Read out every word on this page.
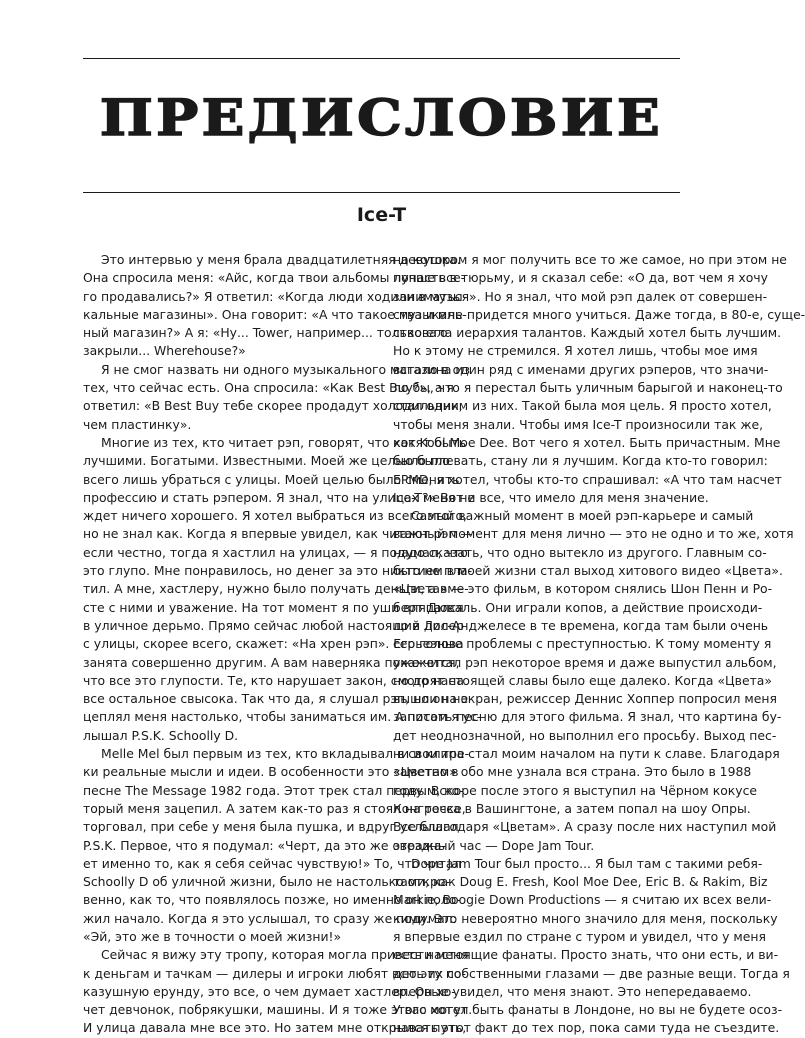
ПРЕДИСЛОВИЕ
Ice-T
Это интервью у меня брала двадцатилетняя девушка.
Она спросила меня: «Айс, когда твои альбомы лучше все-
го продавались?» Я ответил: «Когда люди ходили в музы-
кальные магазины». Она говорит: «А что такое музыкаль-
ный магазин?» А я: «Ну... Tower, например... только его
закрыли... Wherehouse?»
Я не смог назвать ни одного музыкального магазина из
тех, что сейчас есть. Она спросила: «Как Best Buy?», а я
ответил: «В Best Buy тебе скорее продадут холодильник,
чем пластинку».
Многие из тех, кто читает рэп, говорят, что хотят быть
лучшими. Богатыми. Известными. Моей же целью было
всего лишь убраться с улицы. Моей целью было сменить
профессию и стать рэпером. Я знал, что на улицах меня не
ждет ничего хорошего. Я хотел выбраться из всего этого,
но не знал как. Когда я впервые увидел, как читают рэп —
если честно, тогда я хастлил на улицах, — я подумал, что
это глупо. Мне понравилось, но денег за это никто не пла-
тил. А мне, хастлеру, нужно было получать деньги, а вме-
сте с ними и уважение. На тот момент я по уши вляпался
в уличное дерьмо. Прямо сейчас любой настоящий дилер
с улицы, скорее всего, скажет: «На хрен рэп». Его голова
занята совершенно другим. А вам наверняка покажется,
что все это глупости. Те, кто нарушает закон, смотрят на
все остальное свысока. Так что да, я слушал рэп, но он не
цеплял меня настолько, чтобы заниматься им. А потом я ус-
лышал P.S.K. Schoolly D.
Melle Mel был первым из тех, кто вкладывал в свои тре-
ки реальные мысли и идеи. В особенности это заметно в
песне The Message 1982 года. Этот трек стал первым, ко-
торый меня зацепил. А затем как-то раз я стоял на точке,
торговал, при себе у меня была пушка, и вдруг услышал
P.S.K. Первое, что я подумал: «Черт, да это же отража-
ет именно то, как я себя сейчас чувствую!» То, что читал
Schoolly D об уличной жизни, было не настолько откро-
венно, как то, что появлялось позже, но именно он поло-
жил начало. Когда я это услышал, то сразу же подумал:
«Эй, это же в точности о моей жизни!»
Сейчас я вижу эту тропу, которая могла привести меня
к деньгам и тачкам — дилеры и игроки любят всю эту по-
казушную ерунду, это все, о чем думает хастлер. Он хо-
чет девчонок, побрякушки, машины. И я тоже этого хотел.
И улица давала мне все это. Но затем мне открылся путь,
на котором я мог получить все то же самое, но при этом не
попасть в тюрьму, и я сказал себе: «О да, вот чем я хочу
заниматься». Но я знал, что мой рэп далек от совершен-
ства и мне придется много учиться. Даже тогда, в 80-е, суще-
ствовала иерархия талантов. Каждый хотел быть лучшим.
Но к этому не стремился. Я хотел лишь, чтобы мое имя
встало в один ряд с именами других рэперов, что значи-
ло бы, что я перестал быть уличным барыгой и наконец-то
стал одним из них. Такой была моя цель. Я просто хотел,
чтобы меня знали. Чтобы имя Ice-T произносили так же,
как Kool Moe Dee. Вот чего я хотел. Быть причастным. Мне
было плевать, стану ли я лучшим. Когда кто-то говорил:
EPMD, я хотел, чтобы кто-то спрашивал: «А что там насчет
Ice-T?» Вот и все, что имело для меня значение.
Самый важный момент в моей рэп-карьере и самый
важный момент для меня лично — это не одно и то же, хотя
надо сказать, что одно вытекло из другого. Главным со-
бытием в моей жизни стал выход хитового видео «Цвета».
«Цвета» — это фильм, в котором снялись Шон Пенн и Ро-
берт Дюваль. Они играли копов, а действие происходи-
ло в Лос-Анджелесе в те времена, когда там были очень
серьезные проблемы с преступностью. К тому моменту я
уже читал рэп некоторое время и даже выпустил альбом,
но до настоящей славы было еще далеко. Когда «Цвета»
вышли на экран, режиссер Деннис Хоппер попросил меня
записать песню для этого фильма. Я знал, что картина бу-
дет неоднозначной, но выполнил его просьбу. Выход пес-
ни и клипа стал моим началом на пути к славе. Благодаря
«Цветам» обо мне узнала вся страна. Это было в 1988
году. Вскоре после этого я выступил на Чёрном кокусе
Конгресса в Вашингтоне, а затем попал на шоу Опры.
Все благодаря «Цветам». А сразу после них наступил мой
звездный час — Dope Jam Tour.
Dope Jam Tour был просто... Я был там с такими ребя-
тами, как Doug E. Fresh, Kool Moe Dee, Eric B. & Rakim, Biz
Markie, Boogie Down Productions — я считаю их всех вели-
кими. Это невероятно много значило для меня, поскольку
я впервые ездил по стране с туром и увидел, что у меня
есть настоящие фанаты. Просто знать, что они есть, и ви-
деть их собственными глазами — две разные вещи. Тогда я
впервые увидел, что меня знают. Это непередаваемо.
У вас могут быть фанаты в Лондоне, но вы не будете осоз-
навать этот факт до тех пор, пока сами туда не съездите.
